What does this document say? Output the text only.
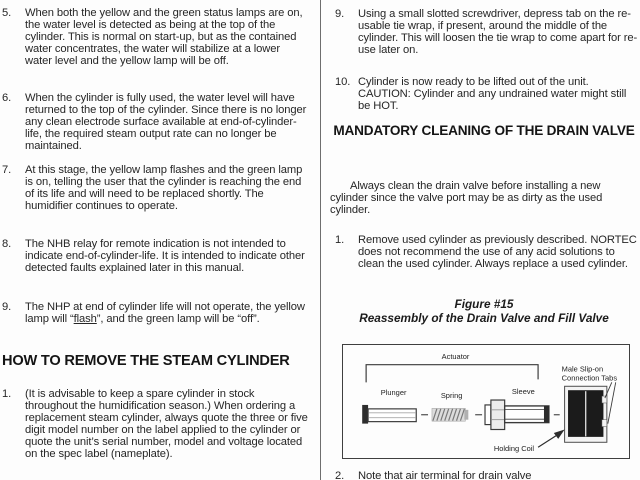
5. When both the yellow and the green status lamps are on, the water level is detected as being at the top of the cylinder. This is normal on start-up, but as the contained water concentrates, the water will stabilize at a lower water level and the yellow lamp will be off.
6. When the cylinder is fully used, the water level will have returned to the top of the cylinder. Since there is no longer any clean electrode surface available at end-of-cylinder-life, the required steam output rate can no longer be maintained.
7. At this stage, the yellow lamp flashes and the green lamp is on, telling the user that the cylinder is reaching the end of its life and will need to be replaced shortly. The humidifier continues to operate.
8. The NHB relay for remote indication is not intended to indicate end-of-cylinder-life. It is intended to indicate other detected faults explained later in this manual.
9. The NHP at end of cylinder life will not operate, the yellow lamp will “flash”, and the green lamp will be “off”.
HOW TO REMOVE THE STEAM CYLINDER
1. (It is advisable to keep a spare cylinder in stock throughout the humidification season.) When ordering a replacement steam cylinder, always quote the three or five digit model number on the label applied to the cylinder or quote the unit’s serial number, model and voltage located on the spec label (nameplate).
9. Using a small slotted screwdriver, depress tab on the re-usable tie wrap, if present, around the middle of the cylinder. This will loosen the tie wrap to come apart for re-use later on.
10. Cylinder is now ready to be lifted out of the unit. CAUTION: Cylinder and any undrained water might still be HOT.
MANDATORY CLEANING OF THE DRAIN VALVE
Always clean the drain valve before installing a new cylinder since the valve port may be as dirty as the used cylinder.
1. Remove used cylinder as previously described. NORTEC does not recommend the use of any acid solutions to clean the used cylinder. Always replace a used cylinder.
Figure #15
Reassembly of the Drain Valve and Fill Valve
Actuator
Plunger	Spring	Sleeve
Male Slip-on
Connection Tabs
Holding Coil
2. Note that air terminal for drain valve
